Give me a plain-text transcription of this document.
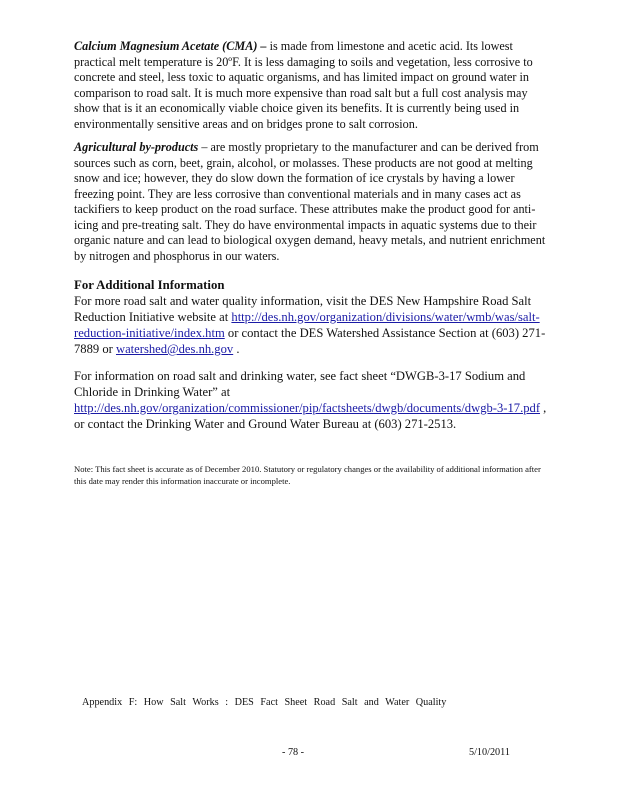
Calcium Magnesium Acetate (CMA) – is made from limestone and acetic acid. Its lowest practical melt temperature is 20ºF. It is less damaging to soils and vegetation, less corrosive to concrete and steel, less toxic to aquatic organisms, and has limited impact on ground water in comparison to road salt. It is much more expensive than road salt but a full cost analysis may show that is it an economically viable choice given its benefits. It is currently being used in environmentally sensitive areas and on bridges prone to salt corrosion.

Agricultural by-products – are mostly proprietary to the manufacturer and can be derived from sources such as corn, beet, grain, alcohol, or molasses. These products are not good at melting snow and ice; however, they do slow down the formation of ice crystals by having a lower freezing point. They are less corrosive than conventional materials and in many cases act as tackifiers to keep product on the road surface. These attributes make the product good for anti-icing and pre-treating salt. They do have environmental impacts in aquatic systems due to their organic nature and can lead to biological oxygen demand, heavy metals, and nutrient enrichment by nitrogen and phosphorus in our waters.

For Additional Information

For more road salt and water quality information, visit the DES New Hampshire Road Salt Reduction Initiative website at http://des.nh.gov/organization/divisions/water/wmb/was/salt-reduction-initiative/index.htm or contact the DES Watershed Assistance Section at (603) 271-7889 or watershed@des.nh.gov .

For information on road salt and drinking water, see fact sheet “DWGB-3-17 Sodium and Chloride in Drinking Water” at http://des.nh.gov/organization/commissioner/pip/factsheets/dwgb/documents/dwgb-3-17.pdf , or contact the Drinking Water and Ground Water Bureau at (603) 271-2513.

Note: This fact sheet is accurate as of December 2010. Statutory or regulatory changes or the availability of additional information after this date may render this information inaccurate or incomplete.

Appendix F: How Salt Works : DES Fact Sheet Road Salt and Water Quality

- 78 -	5/10/2011
